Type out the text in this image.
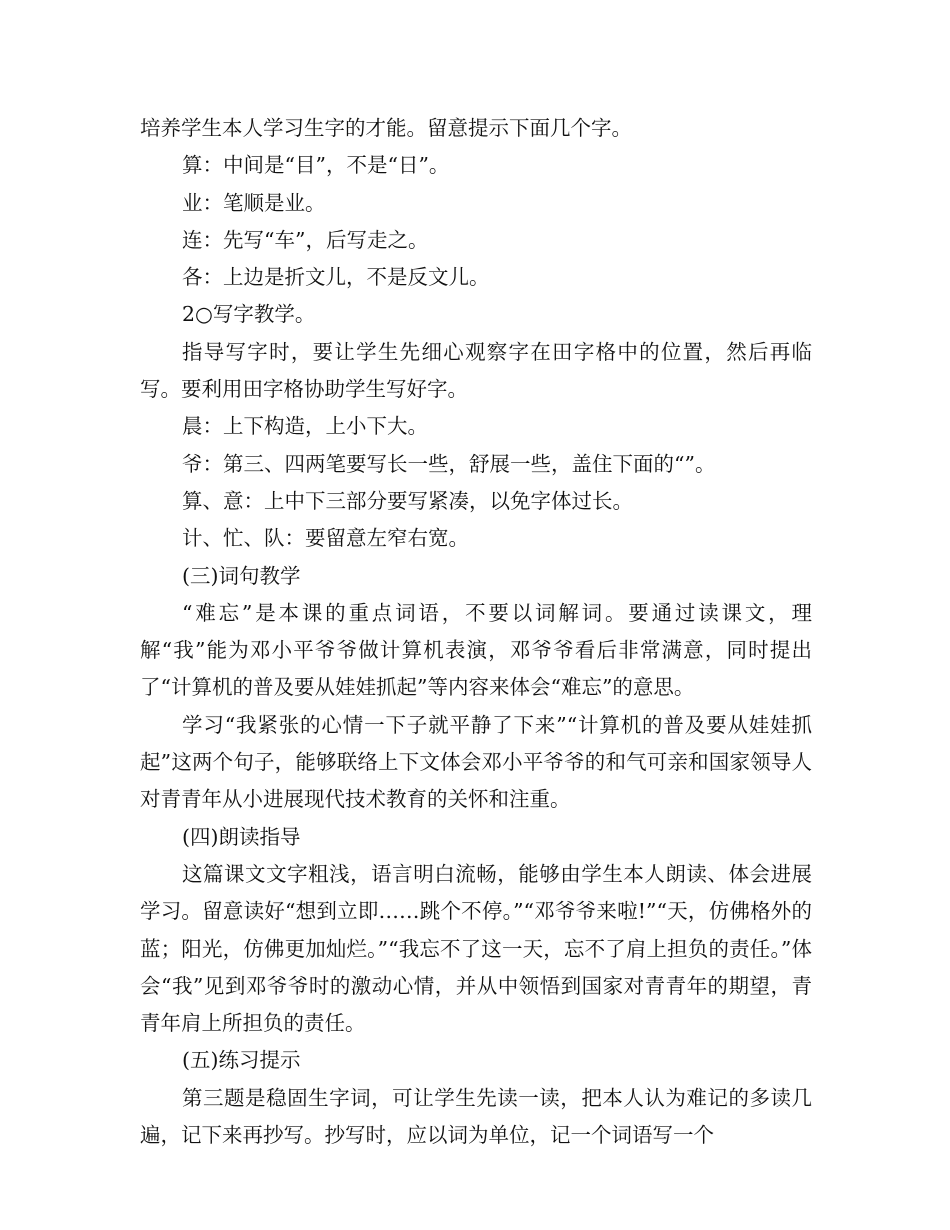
培养学生本人学习生字的才能。留意提示下面几个字。

算：中间是“目”，不是“日”。

业：笔顺是业。

连：先写“车”，后写走之。

各：上边是折文儿，不是反文儿。

2○写字教学。

指导写字时，要让学生先细心观察字在田字格中的位置，然后再临写。要利用田字格协助学生写好字。

晨：上下构造，上小下大。

爷：第三、四两笔要写长一些，舒展一些，盖住下面的“”。

算、意：上中下三部分要写紧凑，以免字体过长。

计、忙、队：要留意左窄右宽。

(三)词句教学

“难忘”是本课的重点词语，不要以词解词。要通过读课文，理解“我”能为邓小平爷爷做计算机表演，邓爷爷看后非常满意，同时提出了“计算机的普及要从娃娃抓起”等内容来体会“难忘”的意思。

学习“我紧张的心情一下子就平静了下来”“计算机的普及要从娃娃抓起”这两个句子，能够联络上下文体会邓小平爷爷的和气可亲和国家领导人对青青年从小进展现代技术教育的关怀和注重。

(四)朗读指导

这篇课文文字粗浅，语言明白流畅，能够由学生本人朗读、体会进展学习。留意读好“想到立即……跳个不停。”“邓爷爷来啦!”“天，仿佛格外的蓝；阳光，仿佛更加灿烂。”“我忘不了这一天，忘不了肩上担负的责任。”体会“我”见到邓爷爷时的激动心情，并从中领悟到国家对青青年的期望，青青年肩上所担负的责任。

(五)练习提示

第三题是稳固生字词，可让学生先读一读，把本人认为难记的多读几遍，记下来再抄写。抄写时，应以词为单位，记一个词语写一个
